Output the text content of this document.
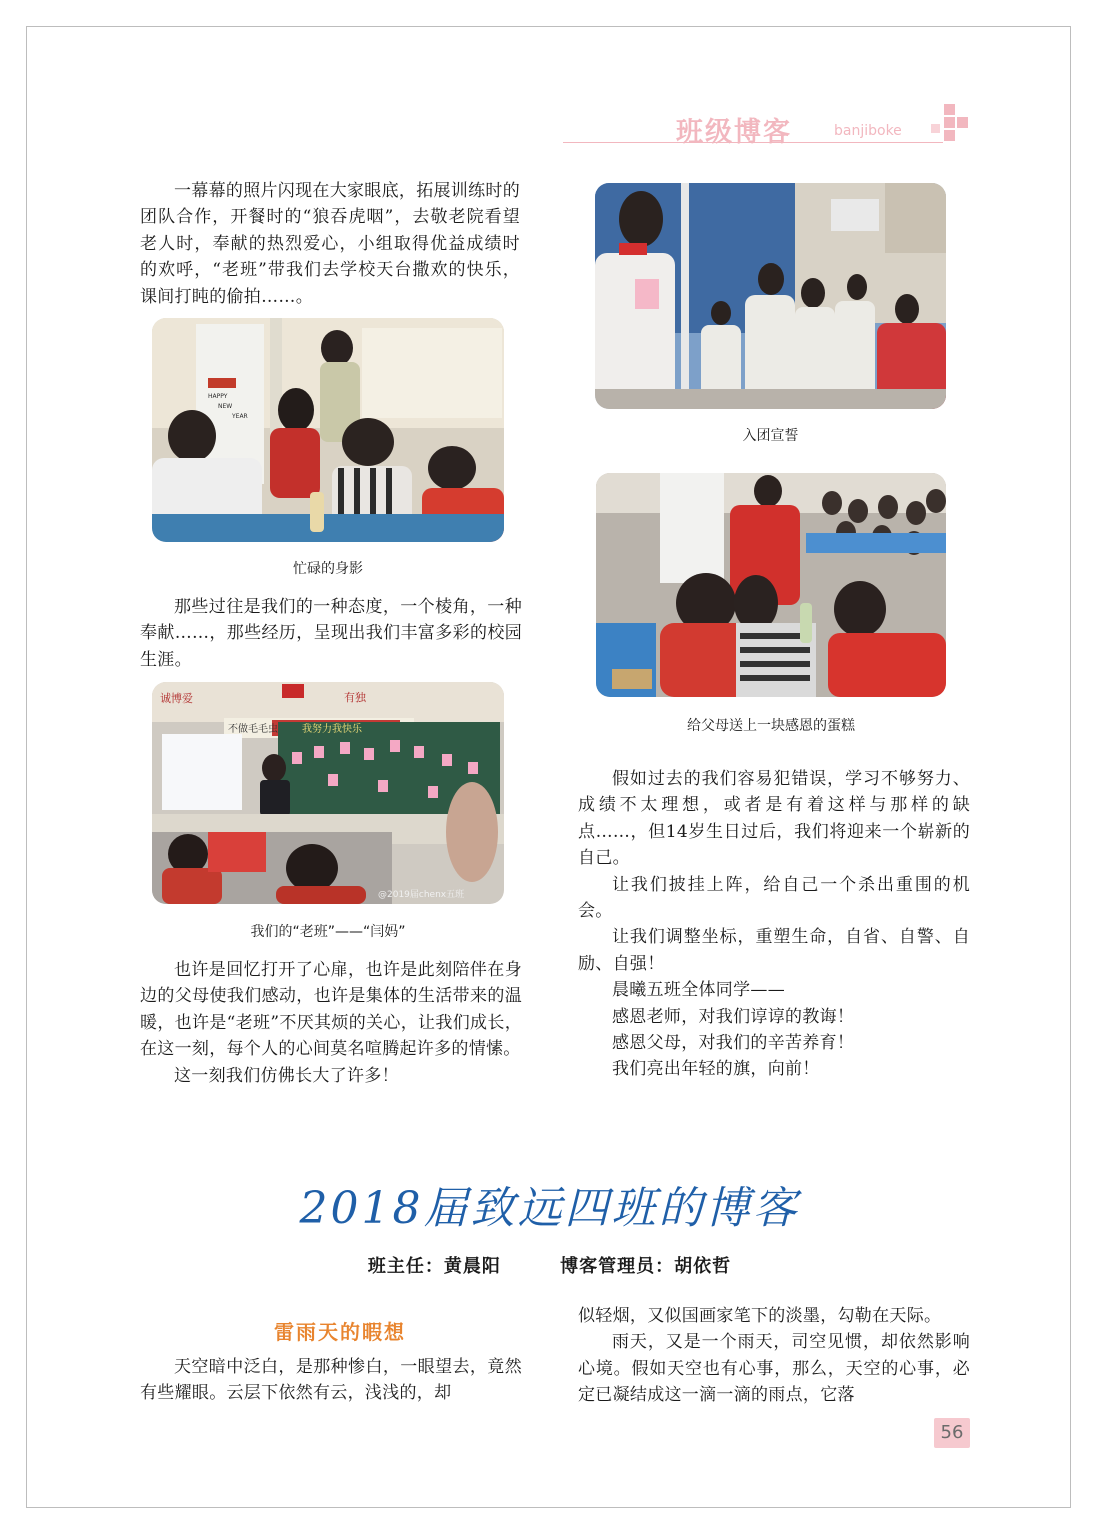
班级博客	banjiboke

一幕幕的照片闪现在大家眼底，拓展训练时的团队合作，开餐时的“狼吞虎咽”，去敬老院看望老人时，奉献的热烈爱心，小组取得优益成绩时的欢呼，“老班”带我们去学校天台撒欢的快乐，课间打盹的偷拍……。

HAPPY
NEW
YEAR
忙碌的身影

那些过往是我们的一种态度，一个棱角，一种奉献……，那些经历，呈现出我们丰富多彩的校园生涯。

诚博爱	有独
不做毛毛虫 我努力我快乐
@2019届chenx五班
我们的“老班”——“闫妈”

也许是回忆打开了心扉，也许是此刻陪伴在身边的父母使我们感动，也许是集体的生活带来的温暖，也许是“老班”不厌其烦的关心，让我们成长，在这一刻，每个人的心间莫名喧腾起许多的情愫。

这一刻我们仿佛长大了许多！

入团宣誓
给父母送上一块感恩的蛋糕

假如过去的我们容易犯错误，学习不够努力、成绩不太理想，或者是有着这样与那样的缺点……，但14岁生日过后，我们将迎来一个崭新的自己。

让我们披挂上阵，给自己一个杀出重围的机会。

让我们调整坐标，重塑生命，自省、自警、自励、自强！

晨曦五班全体同学——

感恩老师，对我们谆谆的教诲！

感恩父母，对我们的辛苦养育！

我们亮出年轻的旗，向前！

2018届致远四班的博客
班主任：黄晨阳	博客管理员：胡依哲
雷雨天的暇想

天空暗中泛白，是那种惨白，一眼望去，竟然有些耀眼。云层下依然有云，浅浅的，却

似轻烟，又似国画家笔下的淡墨，勾勒在天际。

雨天，又是一个雨天，司空见惯，却依然影响心境。假如天空也有心事，那么，天空的心事，必定已凝结成这一滴一滴的雨点，它落

56
